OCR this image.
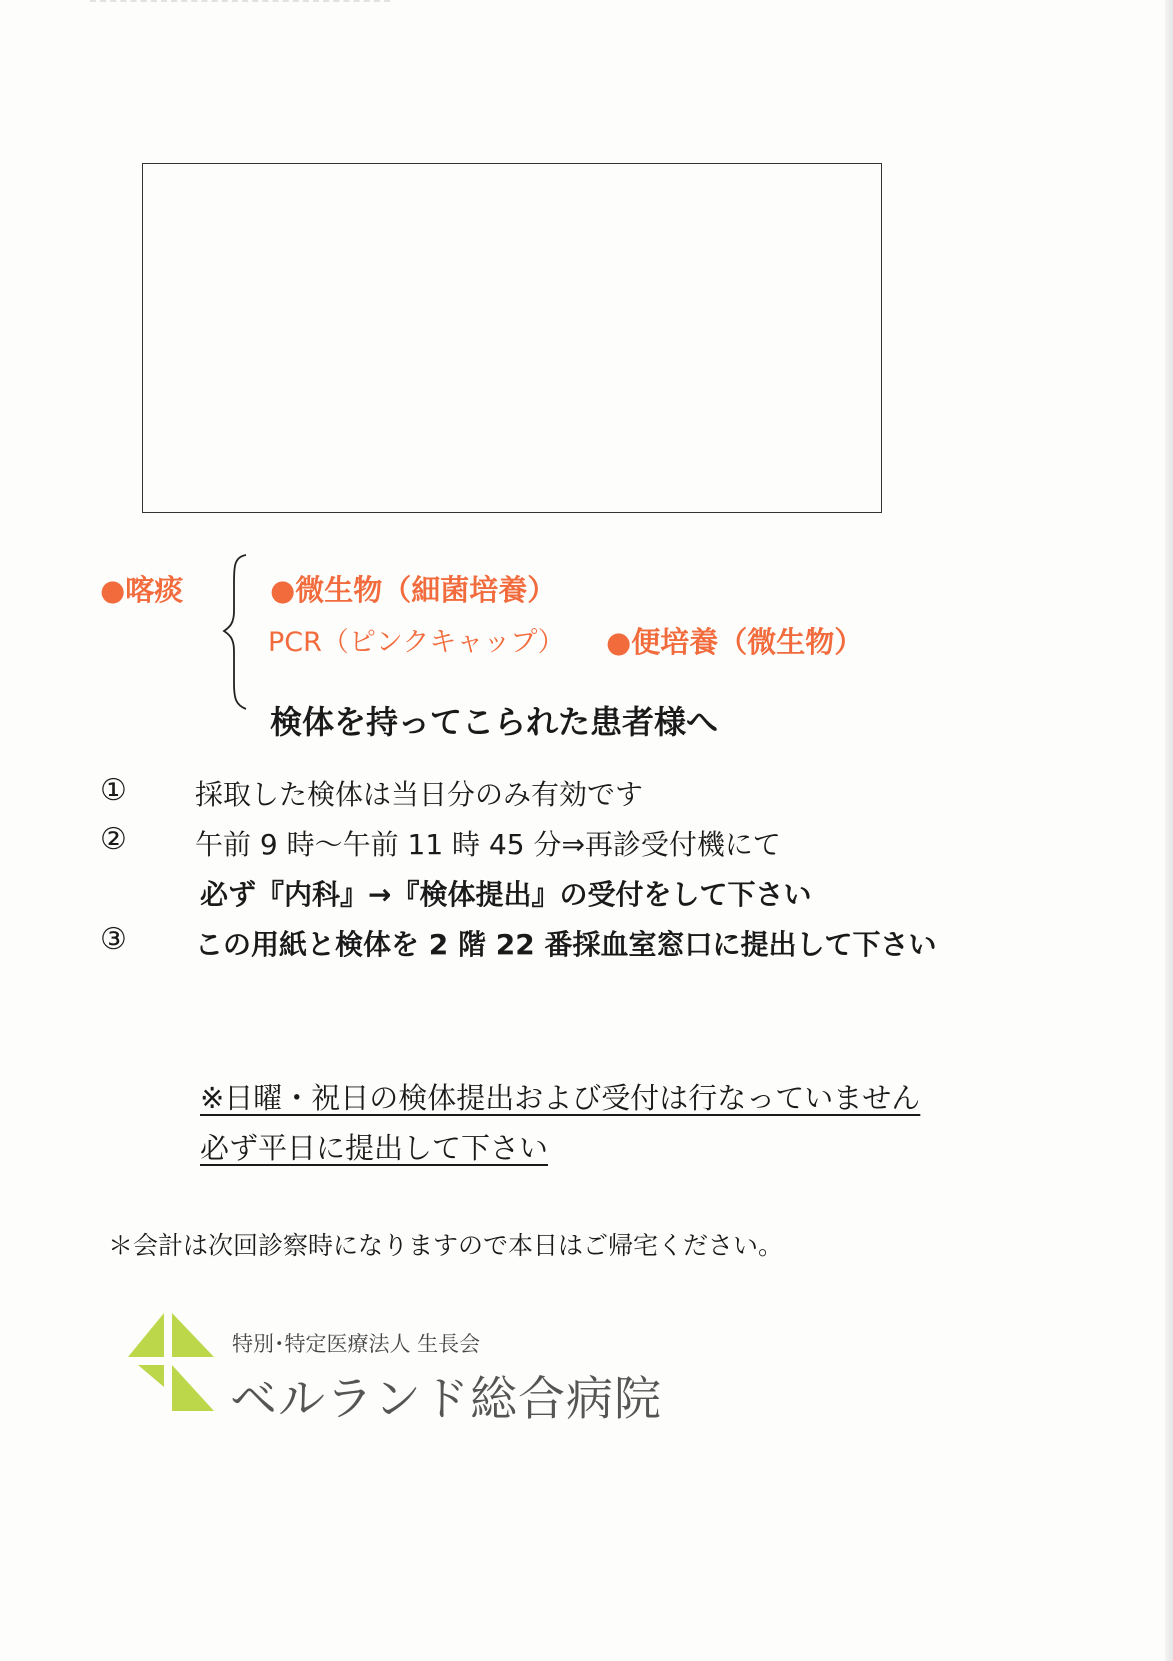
●喀痰	●微生物（細菌培養）
PCR（ピンクキャップ） ●便培養（微生物）
検体を持ってこられた患者様へ
① 採取した検体は当日分のみ有効です
② 午前 9 時～午前 11 時 45 分⇒再診受付機にて
必ず『内科』→『検体提出』の受付をして下さい
③ この用紙と検体を 2 階 22 番採血室窓口に提出して下さい
※日曜・祝日の検体提出および受付は行なっていません
必ず平日に提出して下さい
＊会計は次回診察時になりますので本日はご帰宅ください。
特別･特定医療法人 生長会
ベルランド総合病院
